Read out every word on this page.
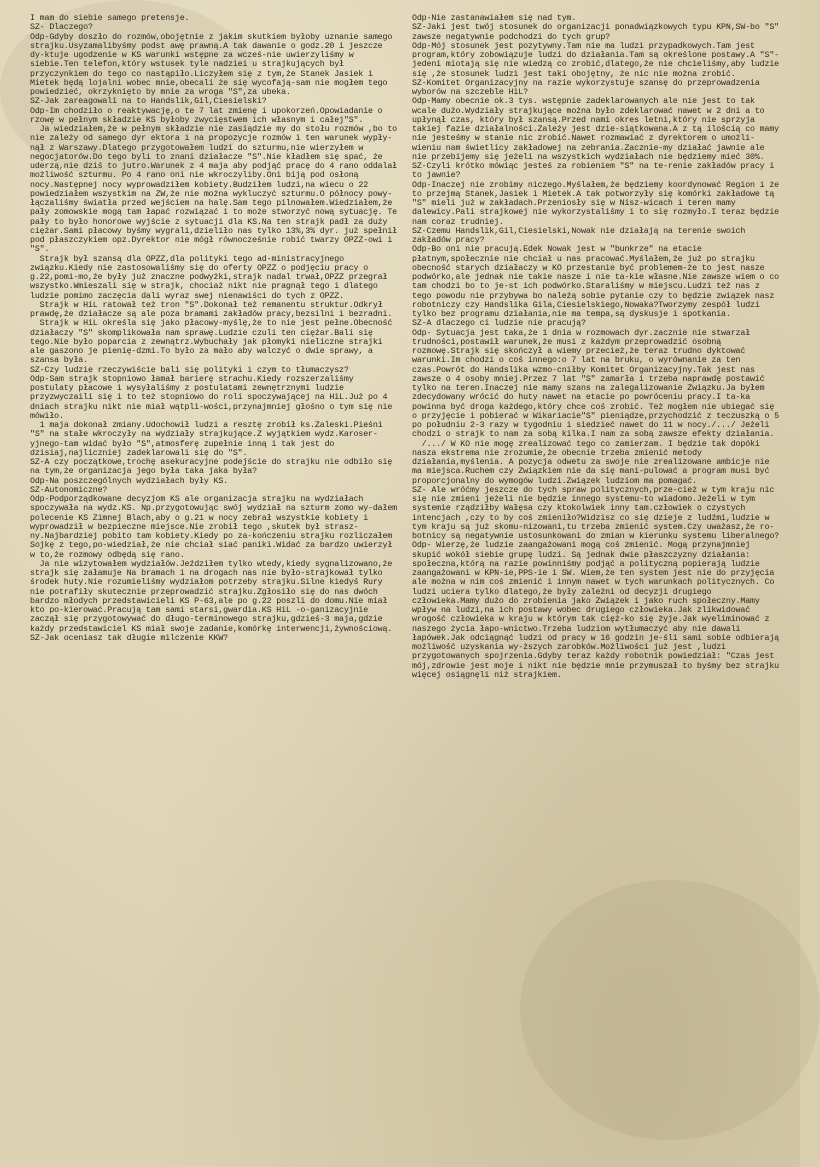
I mam do siebie samego pretensje.

SZ- Dlaczego?

Odp-Gdyby doszło do rozmów,obojętnie z jakim skutkiem byłoby uznanie samego strajku.Usyzamalibyśmy podst awę prawną.A tak dawanie o godz.20 i jeszcze dy-ktuje ugodzenie w KS warunki wstępne za wcześ-nie uwierzyliśmy w siebie.Ten telefon,który wstusek tyle nadziei u strajkujących był przyczynkiem do tego co nastąpiło.Liczyłem się z tym,że Stanek Jasiek i Mietek będą lojalni wobec mnie,obecali że się wycofają-sam nie mogłem tego powiedzieć, okrzyknięto by mnie za wroga "S",za ubeka.

SZ-Jak zareagowali na to Handslik,Gil,Ciesielski?

Odp-Im chodziło o reaktywację,o te 7 lat zmienę i upokorzeń.Opowiadanie o rzowę w pełnym składzie KS byłoby zwycięstwem ich własnym i całej"S".

Ja wiedziałem,że w pełnym składzie nie zasiądzie my do stołu rozmów ,bo to nie zależy od samego dyr ektora i na propozycje rozmów i ten warunek wypły-nął z Warszawy.Dlatego przygotowałem ludzi do szturmu,nie wierzyłem w negocjatorów.Do tego byli to znani działacze "S".Nie kładłem się spać, że uderzą,nie dziś to jutro.Warunek z 4 maja aby podjąć pracę do 4 rano oddalał możliwość szturmu. Po 4 rano oni nie wkroczyliby.Oni biją pod osłoną nocy.Następnej nocy wyprowadziłem kobiety.Budziłem ludzi,na wiecu o 22 powiedziałem wszystkim na ZW,że nie można wykluczyć szturmu.O północy powy-łączaliśmy światła przed wejściem na halę.Sam tego pilnowałem.Wiedziałem,że pały zomowskie mogą tam łapać rozwiązać i to może stworzyć nową sytuację. Te pały to było honorowe wyjście z sytuacji dla KS.Na ten strajk padł za duży ciężar.Sami płacowy byśmy wygrali,dzieliło nas tylko 13%,3% dyr. już spełnił pod płaszczykiem opz.Dyrektor nie mógł równocześnie robić twarzy OPZZ-owi i "S".

Strajk był szansą dla OPZZ,dla polityki tego ad-ministracyjnego związku.Kiedy nie zastosowaliśmy się do oferty OPZZ o podjęciu pracy o g.22,pomi-mo,że były już znaczne podwyżki,strajk nadal trwał,OPZZ przegrał wszystko.Wmieszali się w strajk, chociaż nikt nie pragnął tego i dlatego ludzie pomimo zaczęcia dali wyraz swej nienawiści do tych z OPZZ.

Strajk w HiL ratował też tron "S".Dokonał też remanentu struktur.Odkrył prawdę,że działacze są ale poza bramami zakładów pracy,bezsilni i bezradni.

Strajk w HiL określa się jako płacowy-myślę,że to nie jest pełne.Obecność działaczy "S" skomplikowała nam sprawę.Ludzie czuli ten ciężar.Bali się tego.Nie było poparcia z zewnątrz.Wybuchały jak płomyki nieliczne strajki ale gaszono je pienię-dzmi.To było za mało aby walczyć o dwie sprawy, a szansa była.

SZ-Czy ludzie rzeczywiście bali się polityki i czym to tłumaczysz?

Odp-Sam strajk stopniowo łamał barierę strachu.Kiedy rozszerzaliśmy postulaty płacowe i wysyłaliśmy z postulatami zewnętrznymi ludzie przyzwyczaili się i to też stopniowo do roli spoczywającej na HiL.Już po 4 dniach strajku nikt nie miał wątpli-wości,przynajmniej głośno o tym się nie mówiło.

1 maja dokonał zmiany.Udochowił ludzi a resztę zrobił ks.Zaleski.Pieśni "S" na stałe wkroczyły na wydziały strajkujące.Z wyjątkiem wydz.Karoser-yjnego-tam widać było "S",atmosferę zupełnie inną i tak jest do dzisiaj,najliczniej zadeklarowali się do "S".

SZ-A czy początkowe,trochę asekuracyjne podejście do strajku nie odbiło się na tym,że organizacja jego była taka jaka była?

Odp-Na poszczególnych wydziałach były KS.

SZ-Autonomiczne?

Odp-Podporządkowane decyzjom KS ale organizacja strajku na wydziałach spoczywała na wydz.KS. Np.przygotowując swój wydział na szturm zomo wy-dałem polecenie KS Zimnej Blach,aby o g.21 w nocy zebrał wszystkie kobiety i wyprowadził w bezpieczne miejsce.Nie zrobił tego ,skutek był strasz-ny.Najbardziej pobito tam kobiety.Kiedy po za-kończeniu strajku rozliczałem Sojkę z tego,po-wiedział,że nie chciał siać paniki.Widać za bardzo uwierzył w to,że rozmowy odbędą się rano.

Ja nie wizytowałem wydziałów.Jeździłem tylko wtedy,kiedy sygnalizowano,że strajk się załamuje Na bramach i na drogach nas nie było-strajkował tylko środek huty.Nie rozumieliśmy wydziałom potrzeby strajku.Silne kiedyś Rury nie potrafiły skutecznie przeprowadzić strajku.Zgłosiło się do nas dwóch bardzo młodych przedstawicieli KS P-63,ale po g.22 poszli do domu.Nie miał kto po-kierować.Pracują tam sami starsi,gwardia.KS HiL -o-ganizacyjnie zaczął się przygotowywać do długo-terminowego strajku,gdzieś-3 maja,gdzie każdy przedstawiciel KS miał swoje zadanie,komórkę interwencji,żywnościową.

SZ-Jak oceniasz tak długie milczenie KKW?

Odp-Nie zastanawiałem się nad tym.

SZ-Jaki jest twój stosunek do organizacji ponadwiązkowych typu KPN,SW-bo "S" zawsze negatywnie podchodzi do tych grup?

Odp-Mój stosunek jest pozytywny.Tam nie ma ludzi przypadkowych.Tam jest program,który zobowiązuje ludzi do działania.Tam są określone postawy.A "S"-jedeni miotają się nie wiedzą co zrobić,dlatego,że nie chcieliśmy,aby ludzie się ,że stosunek ludzi jest taki obojętny, że nic nie można zrobić.

SZ-Komitet Organizacyjny na razie wykorzystuje szansę do przeprowadzenia wyborów na szczeble HiL?

Odp-Mamy obecnie ok.3 tys. wstępnie zadeklarowanych ale nie jest to tak wcale dużo.Wydziały strajkujące można było zdeklarować nawet w 2 dni a to upłynął czas, który był szansą.Przed nami okres letni,który nie sprzyja takiej fazie działalności.Zależy jest dzie-siątkowana.A z tą ilością co mamy nie jesteśmy w stanie nic zrobić.Nawet rozmawiać z dyrektorem o umożli-wieniu nam świetlicy zakładowej na zebrania.Zacznie-my działać jawnie ale nie przebijemy się jeżeli na wszystkich wydziałach nie będziemy mieć 30%.

SZ-Czyli krótko mówiąc jesteś za robieniem "S" na te-renie zakładów pracy i to jawnie?

Odp-Inaczej nie zrobimy niczego.Myślałem,że będziemy koordynować Region i że to przejmą Stanek,Jasiek i Mietek.A tak potworzyły się komórki zakładowe tą "S" mieli już w zakładach.Przeniosły się w Nisz-wicach i teren mamy dalewicy.Pali strajkowej nie wykorzystaliśmy i to się rozmyło.I teraz będzie nam coraz trudniej.

SZ-Czemu Handslik,Gil,Ciesielski,Nowak nie działają na terenie swoich zakładów pracy?

Odp-Bo oni nie pracują.Edek Nowak jest w "bunkrze" na etacie płatnym,społecznie nie chciał u nas pracować.Myślałem,że już po strajku obecność starych działaczy w KO przestanie być problemem-że to jest nasze podwórko,ale jednak nie takie nasze i nie ta-kie własne.Nie zawsze wiem o co tam chodzi bo to je-st ich podwórko.Staraliśmy w miejscu.Ludzi też nas z tego powodu nie przybywa bo należą sobie pytanie czy to będzie związek nasz robotniczy czy Handslika Gila,Ciesielskiego,Nowaka?Tworzymy zespół ludzi tylko bez programu działania,nie ma tempa,są dyskusje i spotkania.

SZ-A dlaczego ci ludzie nie pracują?

Odp- Sytuacja jest taka,że 1 dnia w rozmowach dyr.zacznie nie stwarzał trudności,postawił warunek,że musi z każdym przeprowadzić osobną rozmowę.Strajk się skończył a wiemy przecież,że teraz trudno dyktować warunki.Im chodzi o coś innego:o 7 lat na bruku, o wyrównanie za ten czas.Powrót do Handslika wzmo-cniłby Komitet Organizacyjny.Tak jest nas zawsze o 4 osoby mniej.Przez 7 lat "S" zamarła i trzeba naprawdę postawić tylko na teren.Inaczej nie mamy szans na zalegalizowanie Związku.Ja byłem zdecydowany wrócić do huty nawet na etacie po powróceniu pracy.I ta-ka powinna być droga każdego,który chce coś zrobić. Też mogłem nie ubiegać się o przyjęcie i pobierać w Wikariacie"S" pieniądze,przychodzić z teczuszką o 5 po południu 2-3 razy w tygodniu i siedzieć nawet do 11 w nocy./.../ Jeżeli chodzi o strajk to nam za sobą kilka.I nam za sobą zawsze efekty działania.

/.../ W KO nie mogę zrealizować tego co zamierzam. I będzie tak dopóki nasza ekstrema nie zrozumie,że obecnie trzeba zmienić metody działania,myślenia. A pozycja odwetu za swoje nie zrealizowane ambicje nie ma miejsca.Ruchem czy Związkiem nie da się mani-pulować a program musi być proporcjonalny do wymogów ludzi.Związek ludziom ma pomagać.

SZ- Ale wróćmy jeszcze do tych spraw politycznych,prze-cież w tym kraju nic się nie zmieni jeżeli nie będzie innego systemu-to wiadomo.Jeżeli w tym systemie rządziłby Wałęsa czy ktokolwiek inny tam.człowiek o czystych intencjach ,czy to by coś zmieniło?Widzisz co się dzieje z ludźmi,ludzie w tym kraju są już skomu-nizowani,tu trzeba zmienić system.Czy uważasz,że ro-botnicy są negatywnie ustosunkowani do zmian w kierunku systemu liberalnego?

Odp- Wierzę,że ludzie zaangażowani mogą coś zmienić. Mogą przynajmniej skupić wokół siebie grupę ludzi. Są jednak dwie płaszczyzny działania: społeczna,którą na razie powinniśmy podjąć a polityczną popierają ludzie zaangażowani w KPN-ie,PPS-ie i SW. Wiem,że ten system jest nie do przyjęcia ale można w nim coś zmienić i innym nawet w tych warunkach politycznych. Co ludzi uciera tylko dlatego,że były zależni od decyzji drugiego człowieka.Mamy dużo do zrobienia jako Związek i jako ruch społeczny.Mamy wpływ na ludzi,na ich postawy wobec drugiego człowieka.Jak zlikwidować wrogość człowieka w kraju w którym tak cięż-ko się żyje.Jak wyeliminować z naszego życia łapo-wnictwo.Trzeba ludziom wytłumaczyć aby nie dawali łapówek.Jak odciągnąć ludzi od pracy w 16 godzin je-śli sami sobie odbierają możliwość uzyskania wy-ższych zarobków.Możliwości już jest ,ludzi przygotowanych spojrzenia.Gdyby teraz każdy robotnik powiedział: "Czas jest mój,zdrowie jest moje i nikt nie będzie mnie przymuszał to byśmy bez strajku więcej osiągnęli niż strajkiem.
